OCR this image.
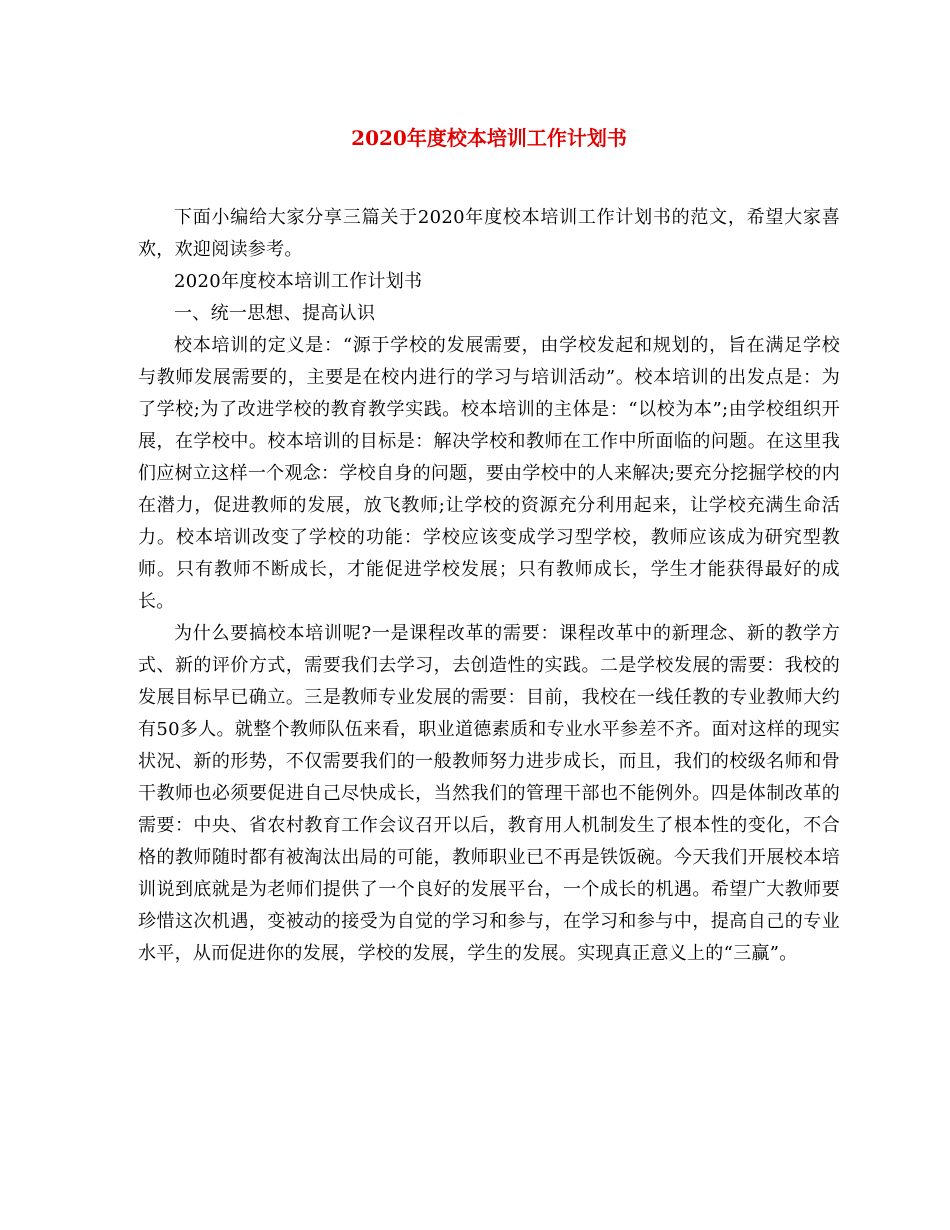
2020年度校本培训工作计划书

下面小编给大家分享三篇关于2020年度校本培训工作计划书的范文，希望大家喜欢，欢迎阅读参考。

2020年度校本培训工作计划书

一、统一思想、提高认识

校本培训的定义是：“源于学校的发展需要，由学校发起和规划的，旨在满足学校与教师发展需要的，主要是在校内进行的学习与培训活动”。校本培训的出发点是：为了学校;为了改进学校的教育教学实践。校本培训的主体是：“以校为本”;由学校组织开展，在学校中。校本培训的目标是：解决学校和教师在工作中所面临的问题。在这里我们应树立这样一个观念：学校自身的问题，要由学校中的人来解决;要充分挖掘学校的内在潜力，促进教师的发展，放飞教师;让学校的资源充分利用起来，让学校充满生命活力。校本培训改变了学校的功能：学校应该变成学习型学校，教师应该成为研究型教师。只有教师不断成长，才能促进学校发展；只有教师成长，学生才能获得最好的成长。

为什么要搞校本培训呢?一是课程改革的需要：课程改革中的新理念、新的教学方式、新的评价方式，需要我们去学习，去创造性的实践。二是学校发展的需要：我校的发展目标早已确立。三是教师专业发展的需要：目前，我校在一线任教的专业教师大约有50多人。就整个教师队伍来看，职业道德素质和专业水平参差不齐。面对这样的现实状况、新的形势，不仅需要我们的一般教师努力进步成长，而且，我们的校级名师和骨干教师也必须要促进自己尽快成长，当然我们的管理干部也不能例外。四是体制改革的需要：中央、省农村教育工作会议召开以后，教育用人机制发生了根本性的变化，不合格的教师随时都有被淘汰出局的可能，教师职业已不再是铁饭碗。今天我们开展校本培训说到底就是为老师们提供了一个良好的发展平台，一个成长的机遇。希望广大教师要珍惜这次机遇，变被动的接受为自觉的学习和参与，在学习和参与中，提高自己的专业水平，从而促进你的发展，学校的发展，学生的发展。实现真正意义上的“三赢”。
